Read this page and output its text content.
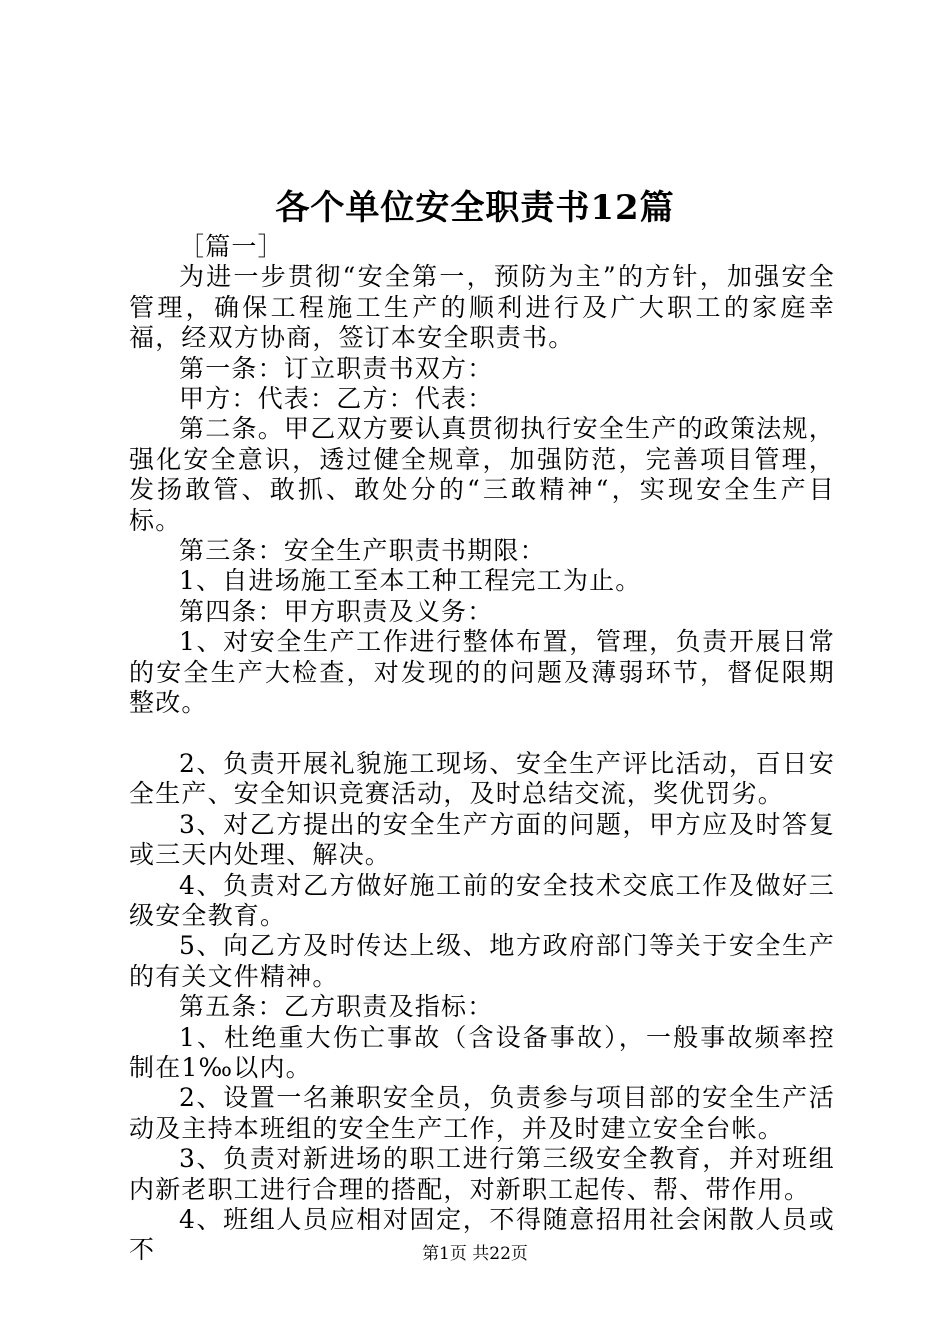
各个单位安全职责书12篇

［篇一］

为进一步贯彻“安全第一，预防为主”的方针，加强安全管理，确保工程施工生产的顺利进行及广大职工的家庭幸福，经双方协商，签订本安全职责书。

第一条：订立职责书双方：

甲方：代表：乙方：代表：

第二条。甲乙双方要认真贯彻执行安全生产的政策法规，强化安全意识，透过健全规章，加强防范，完善项目管理，发扬敢管、敢抓、敢处分的“三敢精神“，实现安全生产目标。

第三条：安全生产职责书期限：

1、自进场施工至本工种工程完工为止。

第四条：甲方职责及义务：

1、对安全生产工作进行整体布置，管理，负责开展日常的安全生产大检查，对发现的的问题及薄弱环节，督促限期整改。

2、负责开展礼貌施工现场、安全生产评比活动，百日安全生产、安全知识竞赛活动，及时总结交流，奖优罚劣。

3、对乙方提出的安全生产方面的问题，甲方应及时答复或三天内处理、解决。

4、负责对乙方做好施工前的安全技术交底工作及做好三级安全教育。

5、向乙方及时传达上级、地方政府部门等关于安全生产的有关文件精神。

第五条：乙方职责及指标：

1、杜绝重大伤亡事故（含设备事故），一般事故频率控制在1‰以内。

2、设置一名兼职安全员，负责参与项目部的安全生产活动及主持本班组的安全生产工作，并及时建立安全台帐。

3、负责对新进场的职工进行第三级安全教育，并对班组内新老职工进行合理的搭配，对新职工起传、帮、带作用。

4、班组人员应相对固定，不得随意招用社会闲散人员或不	第1页 共22页
